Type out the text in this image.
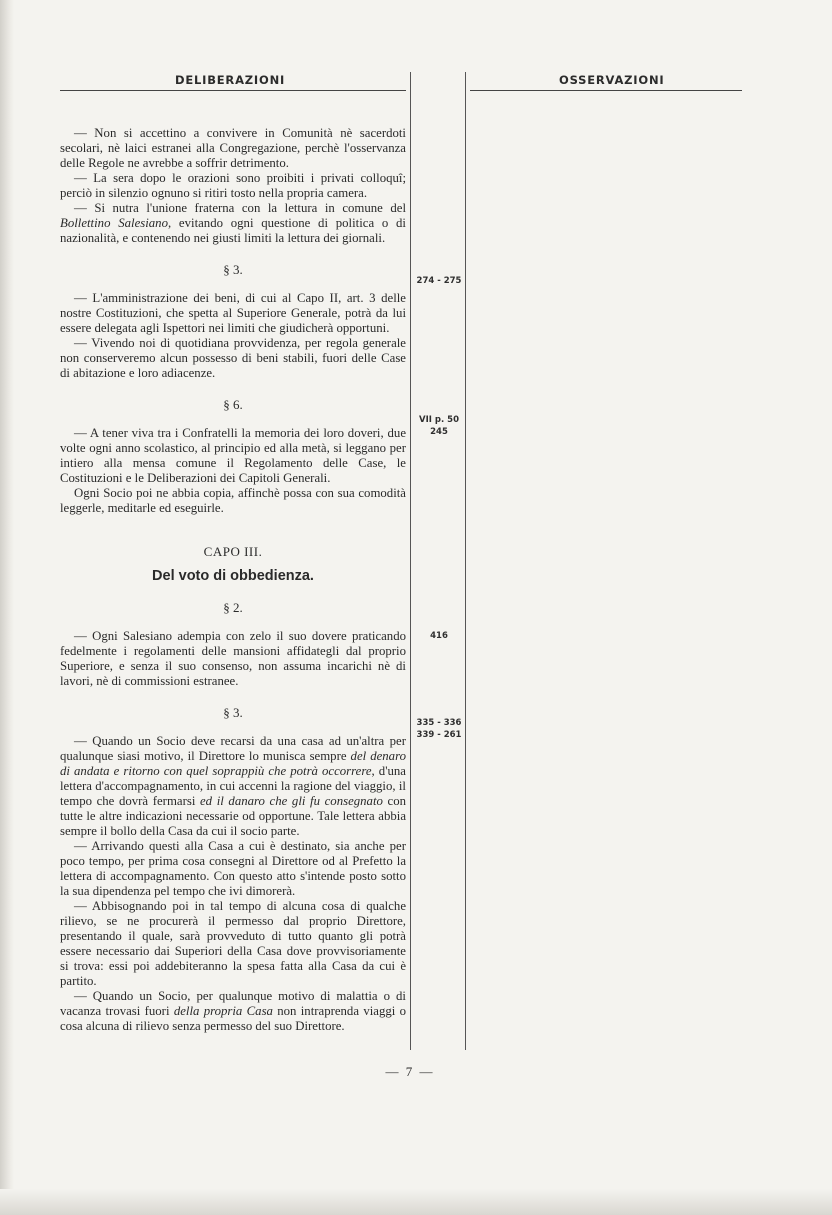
DELIBERAZIONI	OSSERVAZIONI

— Non si accettino a convivere in Comunità nè sacerdoti secolari, nè laici estranei alla Congregazione, perchè l'osservanza delle Regole ne avrebbe a soffrir detrimento.

— La sera dopo le orazioni sono proibiti i privati colloquî; perciò in silenzio ognuno si ritiri tosto nella propria camera.

— Si nutra l'unione fraterna con la lettura in comune del Bollettino Salesiano, evitando ogni questione di politica o di nazionalità, e contenendo nei giusti limiti la lettura dei giornali.

§ 3.

— L'amministrazione dei beni, di cui al Capo II, art. 3 delle nostre Costituzioni, che spetta al Superiore Generale, potrà da lui essere delegata agli Ispettori nei limiti che giudicherà opportuni.

— Vivendo noi di quotidiana provvidenza, per regola generale non conserveremo alcun possesso di beni stabili, fuori delle Case di abitazione e loro adiacenze.

§ 6.

— A tener viva tra i Confratelli la memoria dei loro doveri, due volte ogni anno scolastico, al principio ed alla metà, si leggano per intiero alla mensa comune il Regolamento delle Case, le Costituzioni e le Deliberazioni dei Capitoli Generali.

Ogni Socio poi ne abbia copia, affinchè possa con sua comodità leggerle, meditarle ed eseguirle.

CAPO III.
Del voto di obbedienza.
§ 2.

— Ogni Salesiano adempia con zelo il suo dovere praticando fedelmente i regolamenti delle mansioni affidategli dal proprio Superiore, e senza il suo consenso, non assuma incarichi nè di lavori, nè di commissioni estranee.

§ 3.

— Quando un Socio deve recarsi da una casa ad un'altra per qualunque siasi motivo, il Direttore lo munisca sempre del denaro di andata e ritorno con quel soprappiù che potrà occorrere, d'una lettera d'accompagnamento, in cui accenni la ragione del viaggio, il tempo che dovrà fermarsi ed il danaro che gli fu consegnato con tutte le altre indicazioni necessarie od opportune. Tale lettera abbia sempre il bollo della Casa da cui il socio parte.

— Arrivando questi alla Casa a cui è destinato, sia anche per poco tempo, per prima cosa consegni al Direttore od al Prefetto la lettera di accompagnamento. Con questo atto s'intende posto sotto la sua dipendenza pel tempo che ivi dimorerà.

— Abbisognando poi in tal tempo di alcuna cosa di qualche rilievo, se ne procurerà il permesso dal proprio Direttore, presentando il quale, sarà provveduto di tutto quanto gli potrà essere necessario dai Superiori della Casa dove provvisoriamente si trova: essi poi addebiteranno la spesa fatta alla Casa da cui è partito.

— Quando un Socio, per qualunque motivo di malattia o di vacanza trovasi fuori della propria Casa non intraprenda viaggi o cosa alcuna di rilievo senza permesso del suo Direttore.

274 - 275
VII p. 50
245
416
335 - 336
339 - 261
— 7 —
